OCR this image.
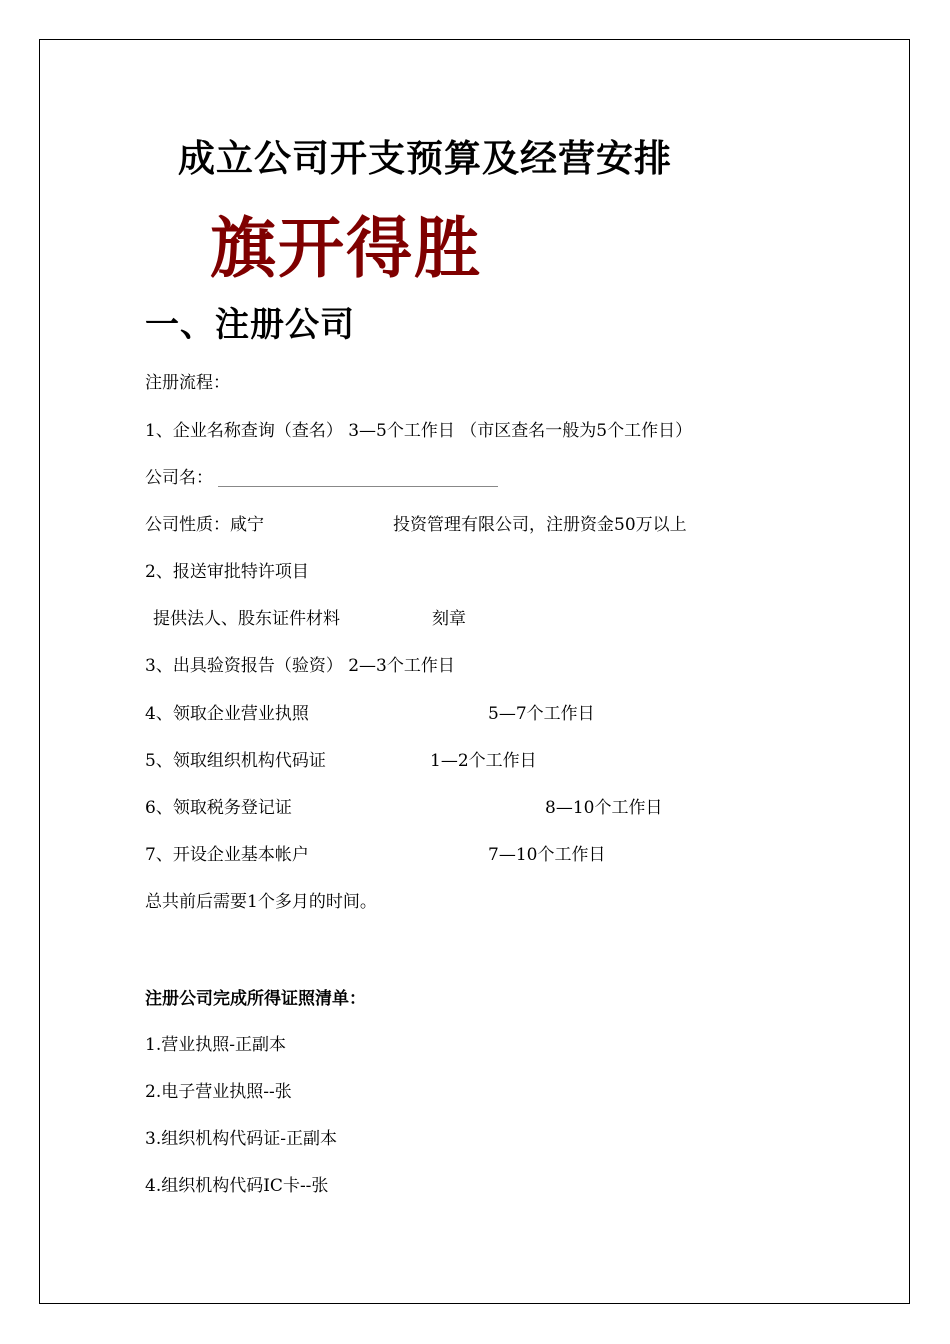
成立公司开支预算及经营安排
旗开得胜
一、注册公司
注册流程：
1、企业名称查询（查名） 3—5个工作日 （市区查名一般为5个工作日）
公司名：
公司性质：咸宁	投资管理有限公司，注册资金50万以上
2、报送审批特许项目
提供法人、股东证件材料	刻章
3、出具验资报告（验资） 2—3个工作日
4、领取企业营业执照	5—7个工作日
5、领取组织机构代码证	1—2个工作日
6、领取税务登记证	8—10个工作日
7、开设企业基本帐户	7—10个工作日
总共前后需要1个多月的时间。
注册公司完成所得证照清单：
1.营业执照-正副本
2.电子营业执照--张
3.组织机构代码证-正副本
4.组织机构代码IC卡--张
